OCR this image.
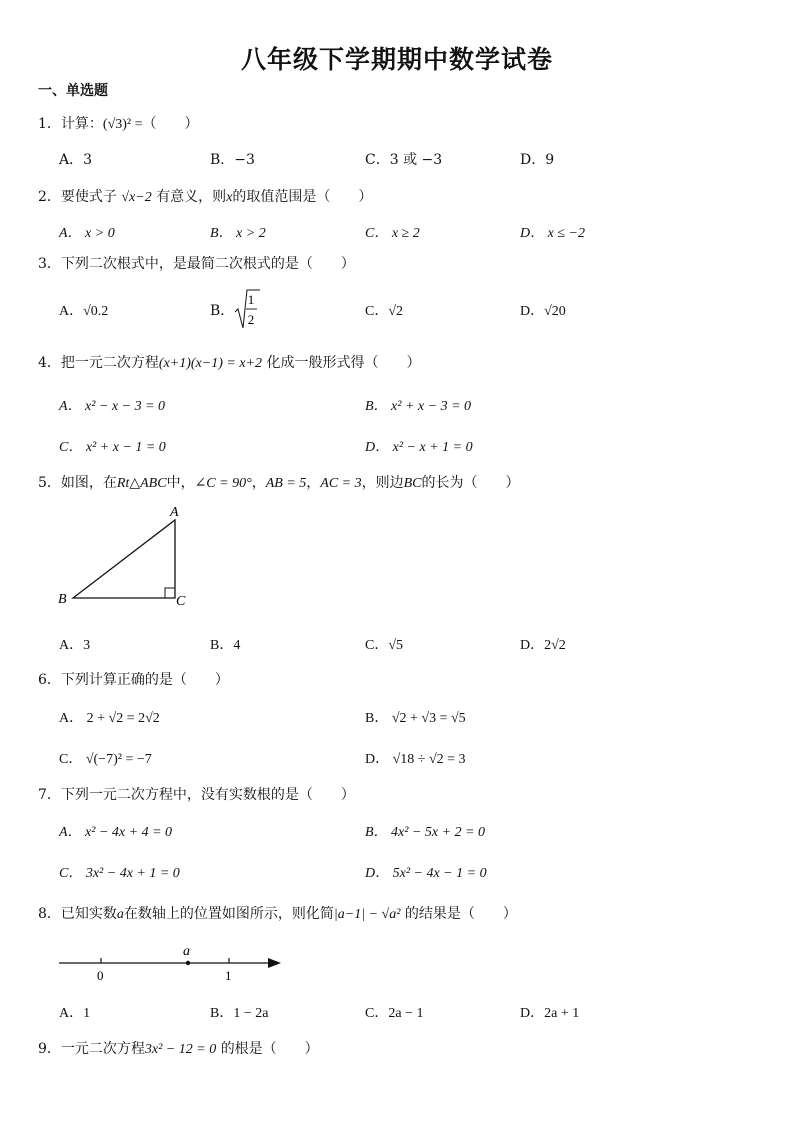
八年级下学期期中数学试卷
一、单选题
1．计算：(√3)² =（　　）
A．3	B．−3	C．3 或 −3	D．9
2．要使式子 √x−2 有意义，则x的取值范围是（　　）
A． x > 0	B． x > 2	C． x ≥ 2	D． x ≤ −2
3．下列二次根式中，是最简二次根式的是（　　）
A．√0.2	B．
1
2
C．√2	D．√20
4．把一元二次方程(x+1)(x−1) = x+2 化成一般形式得（　　）
A． x² − x − 3 = 0	B． x² + x − 3 = 0
C． x² + x − 1 = 0	D． x² − x + 1 = 0
5．如图，在Rt△ABC中，∠C = 90°，AB = 5，AC = 3，则边BC的长为（　　）
A
B	C
A．3	B．4	C．√5	D．2√2
6．下列计算正确的是（　　）
A． 2 + √2 = 2√2	B． √2 + √3 = √5
C． √(−7)² = −7	D． √18 ÷ √2 = 3
7．下列一元二次方程中，没有实数根的是（　　）
A． x² − 4x + 4 = 0	B． 4x² − 5x + 2 = 0
C． 3x² − 4x + 1 = 0	D． 5x² − 4x − 1 = 0
8．已知实数a在数轴上的位置如图所示，则化简|a−1| − √a² 的结果是（　　）
a
0	1
A．1	B．1 − 2a	C．2a − 1	D．2a + 1
9．一元二次方程3x² − 12 = 0 的根是（　　）
